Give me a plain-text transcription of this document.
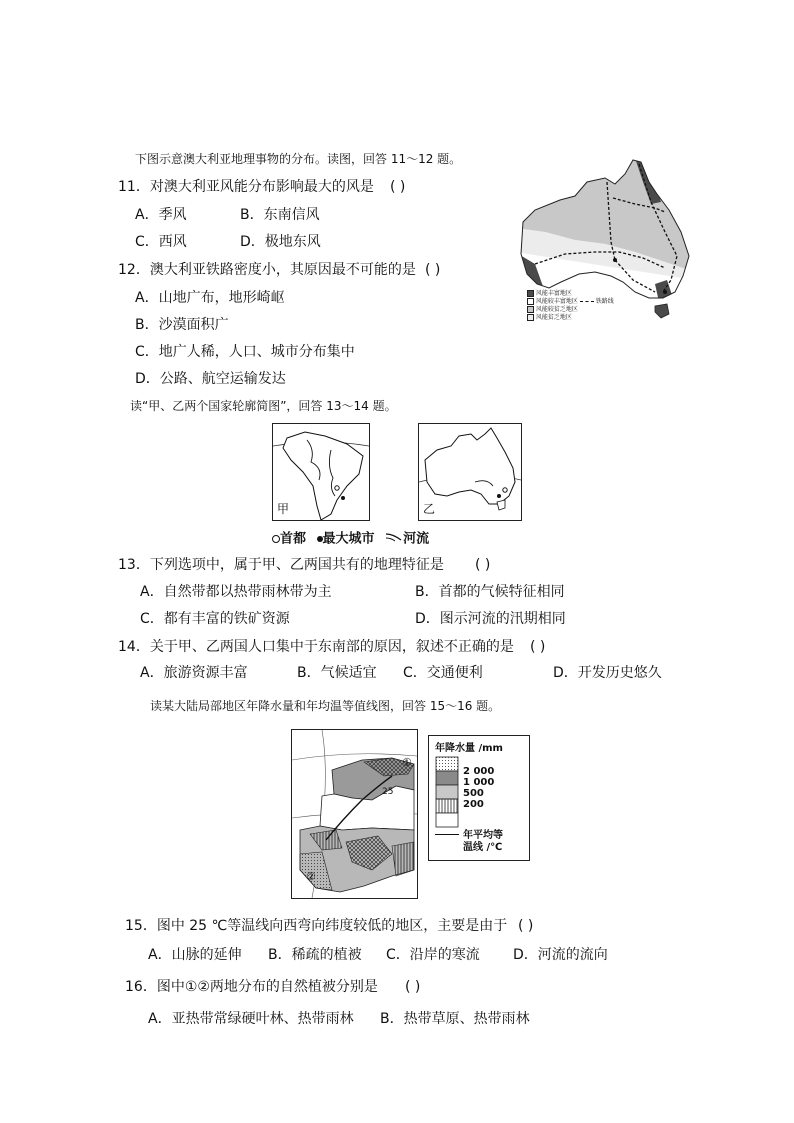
下图示意澳大利亚地理事物的分布。读图，回答 11～12 题。
11．对澳大利亚风能分布影响最大的风是 ( )
A．季风	B．东南信风
C．西风	D．极地东风
12．澳大利亚铁路密度小，其原因最不可能的是 ( )
A．山地广布，地形崎岖
B．沙漠面积广
C．地广人稀，人口、城市分布集中
D．公路、航空运输发达
风能丰富地区
风能较丰富地区	铁路线
风能较贫乏地区
风能贫乏地区
读“甲、乙两个国家轮廓简图”，回答 13～14 题。
甲	乙
首都 最大城市 河流
13．下列选项中，属于甲、乙两国共有的地理特征是 ( )
A．自然带都以热带雨林带为主	B．首都的气候特征相同
C．都有丰富的铁矿资源	D．图示河流的汛期相同
14．关于甲、乙两国人口集中于东南部的原因，叙述不正确的是 ( )
A．旅游资源丰富	B．气候适宜 C．交通便利	D．开发历史悠久
读某大陆局部地区年降水量和年均温等值线图，回答 15～16 题。
25
①
②
年降水量 /mm
2 000
1 000
500
200
年平均等
温线 /℃
15．图中 25 ℃等温线向西弯向纬度较低的地区，主要是由于 ( )
A．山脉的延伸 B．稀疏的植被 C．沿岸的寒流 D．河流的流向
16．图中①②两地分布的自然植被分别是 ( )
A．亚热带常绿硬叶林、热带雨林 B．热带草原、热带雨林
